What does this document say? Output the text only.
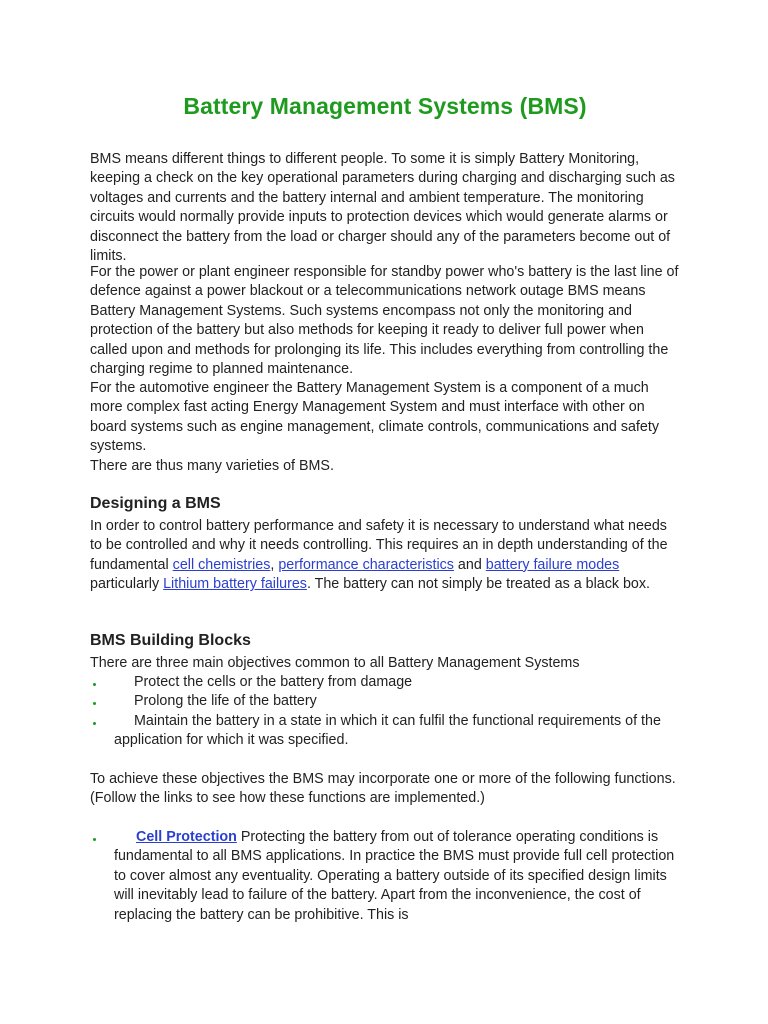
Battery Management Systems (BMS)

BMS means different things to different people. To some it is simply Battery Monitoring, keeping a check on the key operational parameters during charging and discharging such as voltages and currents and the battery internal and ambient temperature. The monitoring circuits would normally provide inputs to protection devices which would generate alarms or disconnect the battery from the load or charger should any of the parameters become out of limits.

For the power or plant engineer responsible for standby power who's battery is the last line of defence against a power blackout or a telecommunications network outage BMS means Battery Management Systems. Such systems encompass not only the monitoring and protection of the battery but also methods for keeping it ready to deliver full power when called upon and methods for prolonging its life. This includes everything from controlling the charging regime to planned maintenance.

For the automotive engineer the Battery Management System is a component of a much more complex fast acting Energy Management System and must interface with other on board systems such as engine management, climate controls, communications and safety systems.

There are thus many varieties of BMS.

Designing a BMS

In order to control battery performance and safety it is necessary to understand what needs to be controlled and why it needs controlling. This requires an in depth understanding of the fundamental cell chemistries, performance characteristics and battery failure modes particularly Lithium battery failures. The battery can not simply be treated as a black box.

BMS Building Blocks

There are three main objectives common to all Battery Management Systems

Protect the cells or the battery from damage
Prolong the life of the battery
Maintain the battery in a state in which it can fulfil the functional requirements of the application for which it was specified.

To achieve these objectives the BMS may incorporate one or more of the following functions. (Follow the links to see how these functions are implemented.)

Cell Protection Protecting the battery from out of tolerance operating conditions is fundamental to all BMS applications. In practice the BMS must provide full cell protection to cover almost any eventuality. Operating a battery outside of its specified design limits will inevitably lead to failure of the battery. Apart from the inconvenience, the cost of replacing the battery can be prohibitive. This is
